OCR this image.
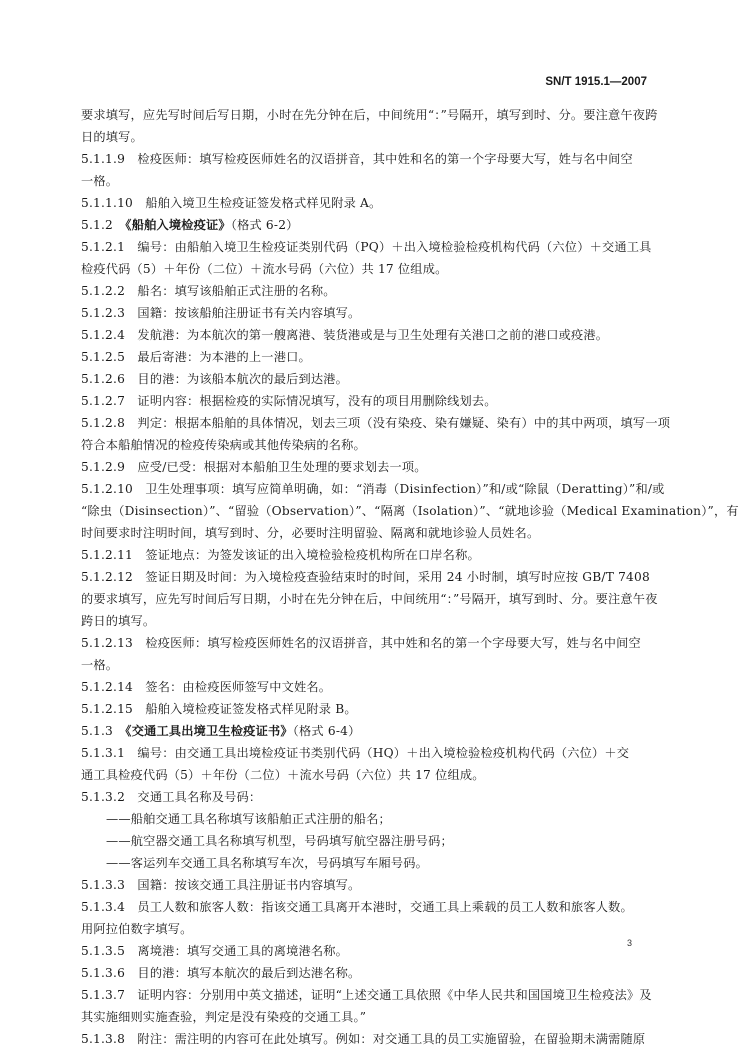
SN/T 1915.1—2007

要求填写，应先写时间后写日期，小时在先分钟在后，中间统用“：”号隔开，填写到时、分。要注意午夜跨

日的填写。

5.1.1.9　检疫医师：填写检疫医师姓名的汉语拼音，其中姓和名的第一个字母要大写，姓与名中间空

一格。

5.1.1.10　船舶入境卫生检疫证签发格式样见附录 A。

5.1.2　《船舶入境检疫证》（格式 6-2）

5.1.2.1　编号：由船舶入境卫生检疫证类别代码（PQ）＋出入境检验检疫机构代码（六位）＋交通工具

检疫代码（5）＋年份（二位）＋流水号码（六位）共 17 位组成。

5.1.2.2　船名：填写该船舶正式注册的名称。

5.1.2.3　国籍：按该船舶注册证书有关内容填写。

5.1.2.4　发航港：为本航次的第一艘离港、装货港或是与卫生处理有关港口之前的港口或疫港。

5.1.2.5　最后寄港：为本港的上一港口。

5.1.2.6　目的港：为该船本航次的最后到达港。

5.1.2.7　证明内容：根据检疫的实际情况填写，没有的项目用删除线划去。

5.1.2.8　判定：根据本船舶的具体情况，划去三项（没有染疫、染有嫌疑、染有）中的其中两项，填写一项

符合本船舶情况的检疫传染病或其他传染病的名称。

5.1.2.9　应受/已受：根据对本船舶卫生处理的要求划去一项。

5.1.2.10　卫生处理事项：填写应简单明确，如：“消毒（Disinfection）”和/或“除鼠（Deratting）”和/或

“除虫（Disinsection）”、“留验（Observation）”、“隔离（Isolation）”、“就地诊验（Medical Examination）”，有

时间要求时注明时间，填写到时、分，必要时注明留验、隔离和就地诊验人员姓名。

5.1.2.11　签证地点：为签发该证的出入境检验检疫机构所在口岸名称。

5.1.2.12　签证日期及时间：为入境检疫查验结束时的时间，采用 24 小时制，填写时应按 GB/T 7408

的要求填写，应先写时间后写日期，小时在先分钟在后，中间统用“：”号隔开，填写到时、分。要注意午夜

跨日的填写。

5.1.2.13　检疫医师：填写检疫医师姓名的汉语拼音，其中姓和名的第一个字母要大写，姓与名中间空

一格。

5.1.2.14　签名：由检疫医师签写中文姓名。

5.1.2.15　船舶入境检疫证签发格式样见附录 B。

5.1.3　《交通工具出境卫生检疫证书》（格式 6-4）

5.1.3.1　编号：由交通工具出境检疫证书类别代码（HQ）＋出入境检验检疫机构代码（六位）＋交

通工具检疫代码（5）＋年份（二位）＋流水号码（六位）共 17 位组成。

5.1.3.2　交通工具名称及号码：

——船舶交通工具名称填写该船舶正式注册的船名；

——航空器交通工具名称填写机型，号码填写航空器注册号码；

——客运列车交通工具名称填写车次，号码填写车厢号码。

5.1.3.3　国籍：按该交通工具注册证书内容填写。

5.1.3.4　员工人数和旅客人数：指该交通工具离开本港时，交通工具上乘载的员工人数和旅客人数。

用阿拉伯数字填写。

5.1.3.5　离境港：填写交通工具的离境港名称。

5.1.3.6　目的港：填写本航次的最后到达港名称。

5.1.3.7　证明内容：分别用中英文描述，证明“上述交通工具依照《中华人民共和国国境卫生检疫法》及

其实施细则实施查验，判定是没有染疫的交通工具。”

5.1.3.8　附注：需注明的内容可在此处填写。例如：对交通工具的员工实施留验，在留验期未满需随原

3
